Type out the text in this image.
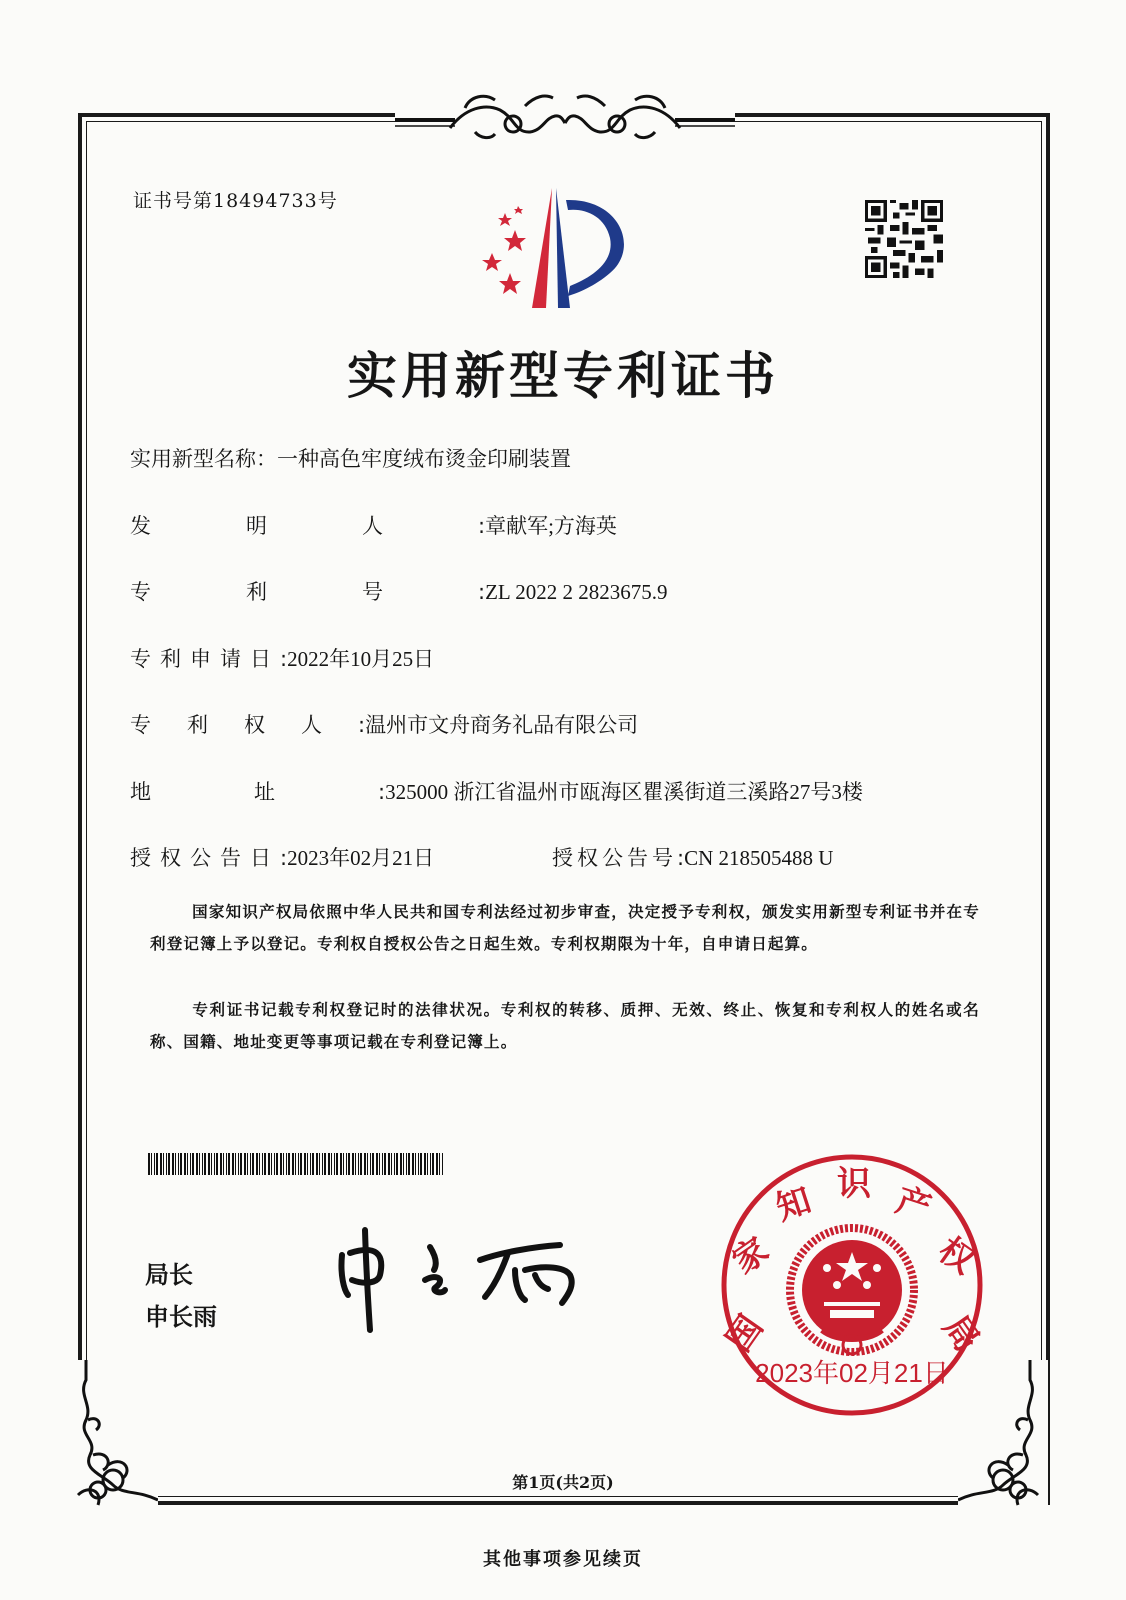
证书号第18494733号
实用新型专利证书
实用新型名称：一种高色牢度绒布烫金印刷装置
发明人:章献军;方海英
专利号:ZL 2022 2 2823675.9
专利申请日:2022年10月25日
专利权人:温州市文舟商务礼品有限公司
地址:325000 浙江省温州市瓯海区瞿溪街道三溪路27号3楼
授权公告日:2023年02月21日	授权公告号:CN 218505488 U
国家知识产权局依照中华人民共和国专利法经过初步审查，决定授予专利权，颁发实用新型专利证书并在专利登记簿上予以登记。专利权自授权公告之日起生效。专利权期限为十年，自申请日起算。
专利证书记载专利权登记时的法律状况。专利权的转移、质押、无效、终止、恢复和专利权人的姓名或名称、国籍、地址变更等事项记载在专利登记簿上。
局长
申长雨	国
家
知 识 产
权
局
2023年02月21日
第1页(共2页)
其他事项参见续页
